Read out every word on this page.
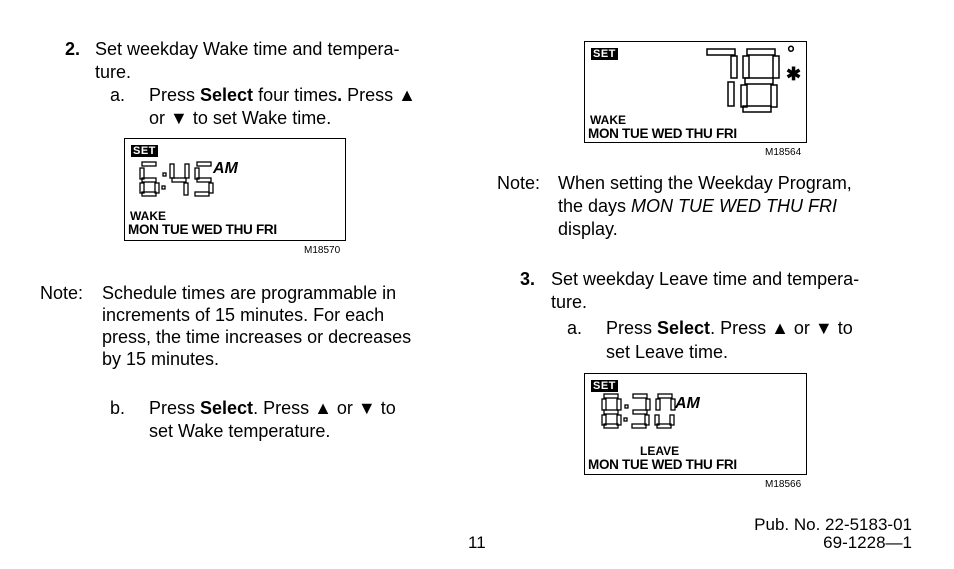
2. Set weekday Wake time and tempera-
ture.
a. Press Select four times. Press ▲
or ▼ to set Wake time.
SET
AM
WAKE
MON TUE WED THU FRI
M18570
Note: Schedule times are programmable in
increments of 15 minutes. For each
press, the time increases or decreases
by 15 minutes.
b. Press Select. Press ▲ or ▼ to
set Wake temperature.
SET	°
✱
WAKE
MON TUE WED THU FRI
M18564
Note: When setting the Weekday Program,
the days MON TUE WED THU FRI
display.
3. Set weekday Leave time and tempera-
ture.
a. Press Select. Press ▲ or ▼ to
set Leave time.
SET
AM
LEAVE
MON TUE WED THU FRI
M18566
11
Pub. No. 22-5183-01
69-1228—1
